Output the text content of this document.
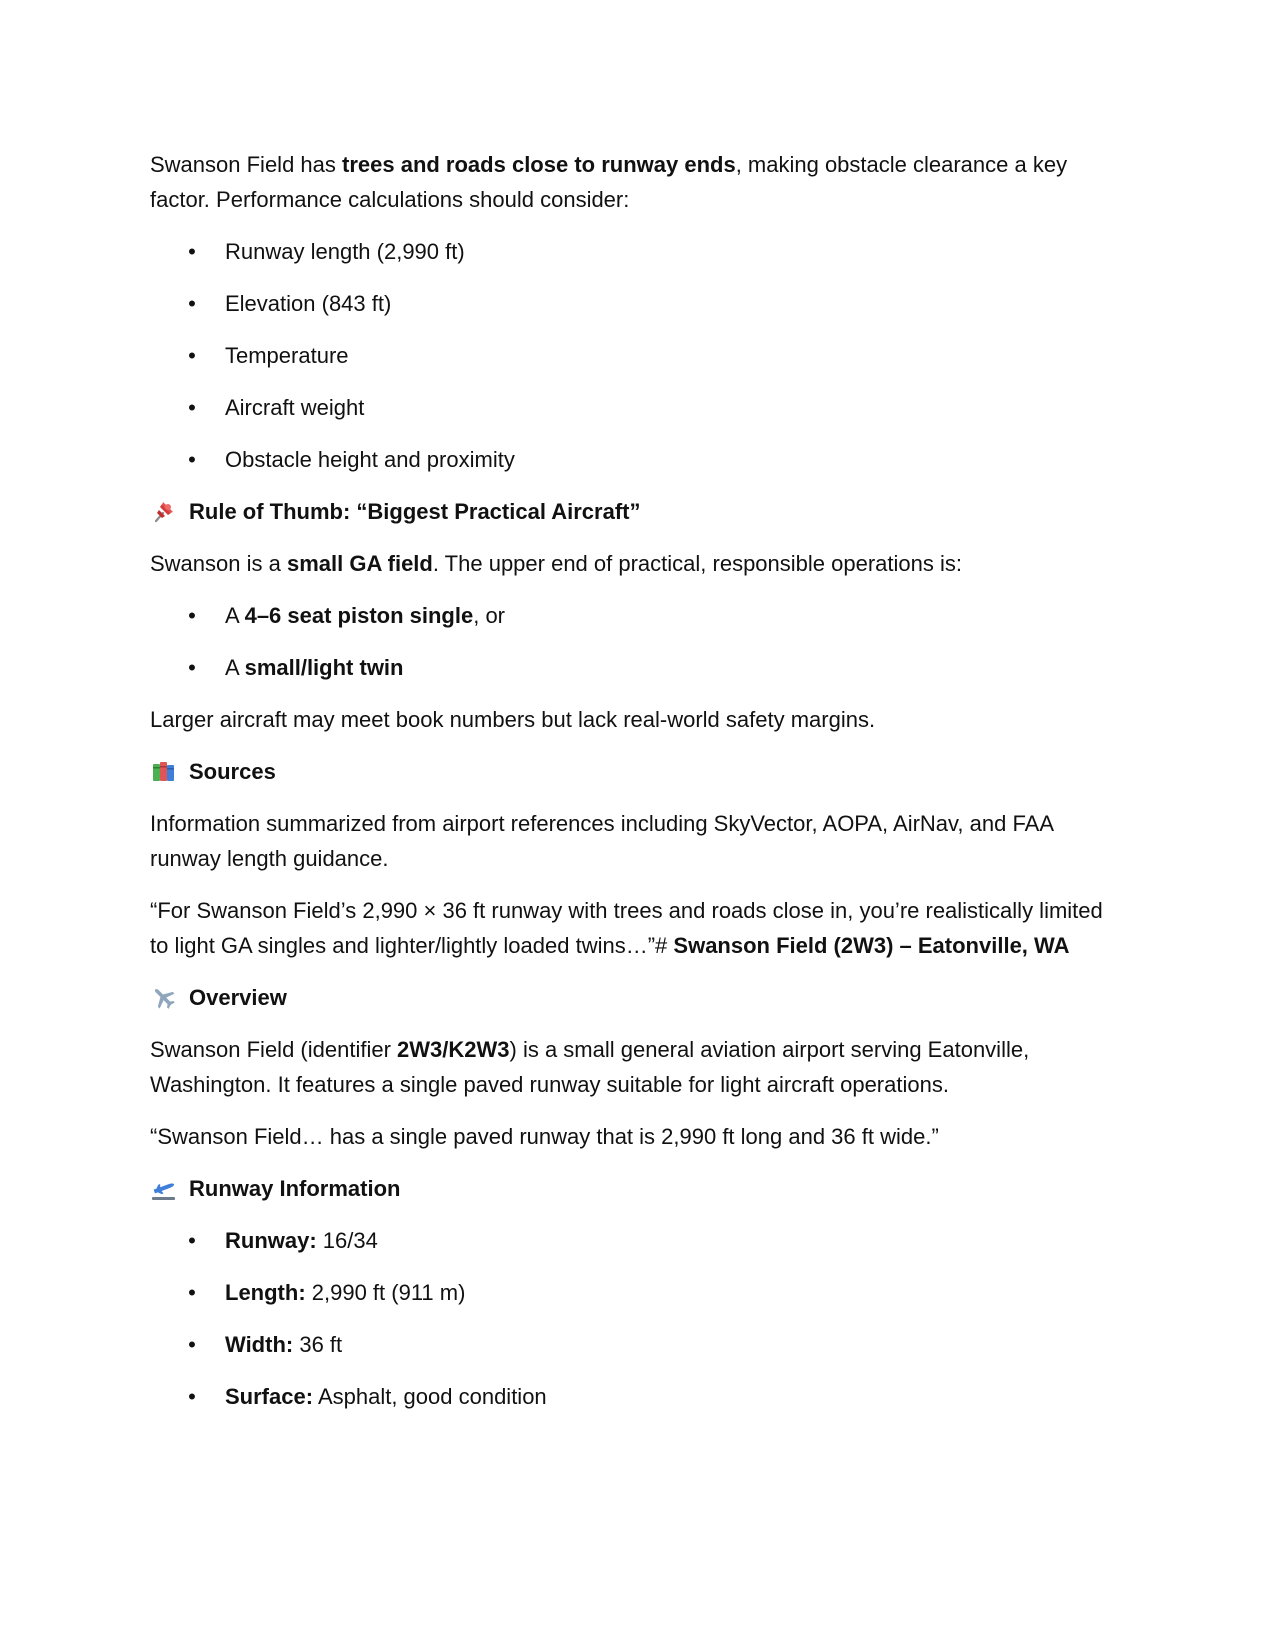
Swanson Field has trees and roads close to runway ends, making obstacle clearance a key factor. Performance calculations should consider:

• Runway length (2,990 ft)
• Elevation (843 ft)
• Temperature
• Aircraft weight
• Obstacle height and proximity
Rule of Thumb: “Biggest Practical Aircraft”

Swanson is a small GA field. The upper end of practical, responsible operations is:

• A 4–6 seat piston single, or
• A small/light twin

Larger aircraft may meet book numbers but lack real-world safety margins.

Sources

Information summarized from airport references including SkyVector, AOPA, AirNav, and FAA runway length guidance.

“For Swanson Field’s 2,990 × 36 ft runway with trees and roads close in, you’re realistically limited to light GA singles and lighter/lightly loaded twins…”# Swanson Field (2W3) – Eatonville, WA

Overview

Swanson Field (identifier 2W3/K2W3) is a small general aviation airport serving Eatonville, Washington. It features a single paved runway suitable for light aircraft operations.

“Swanson Field… has a single paved runway that is 2,990 ft long and 36 ft wide.”

Runway Information
• Runway: 16/34
• Length: 2,990 ft (911 m)
• Width: 36 ft
• Surface: Asphalt, good condition
